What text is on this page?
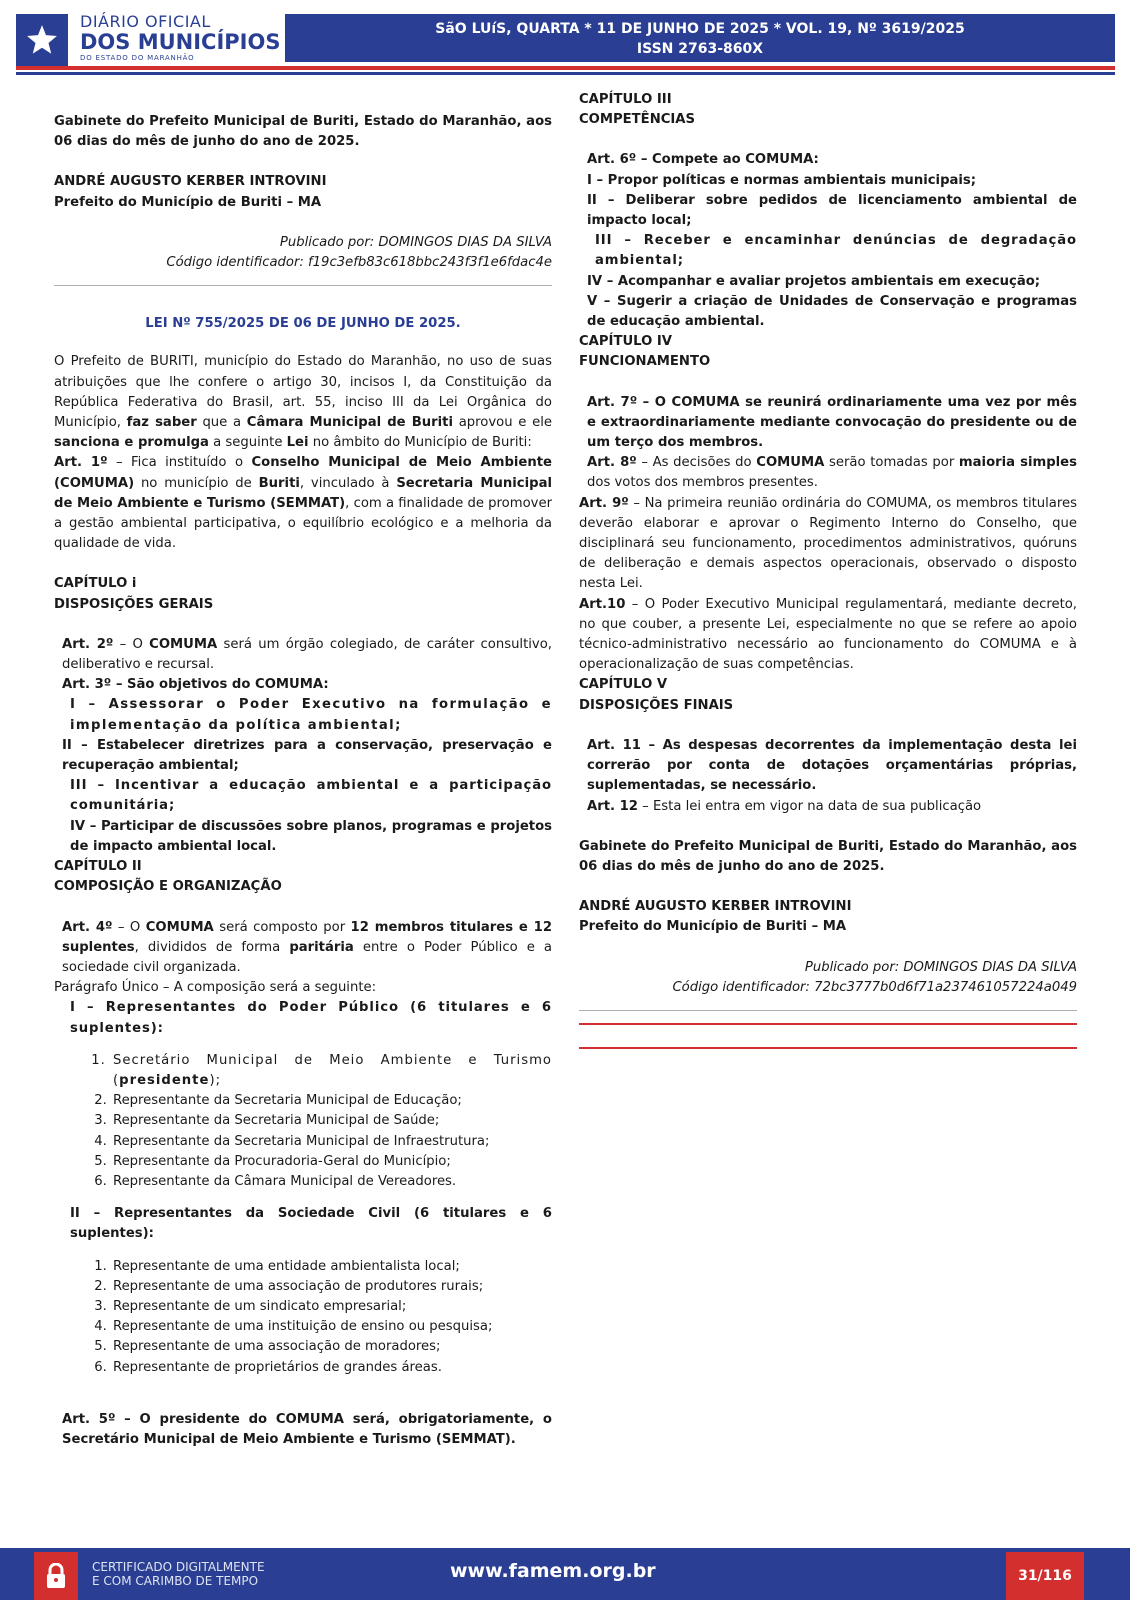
DIÁRIO OFICIAL
DOS MUNICÍPIOS
DO ESTADO DO MARANHÃO
SãO LUíS, QUARTA * 11 DE JUNHO DE 2025 * VOL. 19, Nº 3619/2025
ISSN 2763-860X

Gabinete do Prefeito Municipal de Buriti, Estado do Maranhão, aos 06 dias do mês de junho do ano de 2025.

ANDRÉ AUGUSTO KERBER INTROVINI

Prefeito do Município de Buriti – MA

Publicado por: DOMINGOS DIAS DA SILVA

Código identificador: f19c3efb83c618bbc243f3f1e6fdac4e

LEI Nº 755/2025 DE 06 DE JUNHO DE 2025.

O Prefeito de BURITI, município do Estado do Maranhão, no uso de suas atribuições que lhe confere o artigo 30, incisos I, da Constituição da República Federativa do Brasil, art. 55, inciso III da Lei Orgânica do Município, faz saber que a Câmara Municipal de Buriti aprovou e ele sanciona e promulga a seguinte Lei no âmbito do Município de Buriti:

Art. 1º – Fica instituído o Conselho Municipal de Meio Ambiente (COMUMA) no município de Buriti, vinculado à Secretaria Municipal de Meio Ambiente e Turismo (SEMMAT), com a finalidade de promover a gestão ambiental participativa, o equilíbrio ecológico e a melhoria da qualidade de vida.

CAPÍTULO i

DISPOSIÇÕES GERAIS

Art. 2º – O COMUMA será um órgão colegiado, de caráter consultivo, deliberativo e recursal.

Art. 3º – São objetivos do COMUMA:

I – Assessorar o Poder Executivo na formulação e implementação da política ambiental;

II – Estabelecer diretrizes para a conservação, preservação e recuperação ambiental;

III – Incentivar a educação ambiental e a participação comunitária;

IV – Participar de discussões sobre planos, programas e projetos de impacto ambiental local.

CAPÍTULO II

COMPOSIÇÃO E ORGANIZAÇÃO

Art. 4º – O COMUMA será composto por 12 membros titulares e 12 suplentes, divididos de forma paritária entre o Poder Público e a sociedade civil organizada.

Parágrafo Único – A composição será a seguinte:

I – Representantes do Poder Público (6 titulares e 6 suplentes):

1. Secretário Municipal de Meio Ambiente e Turismo (presidente);
2. Representante da Secretaria Municipal de Educação;
3. Representante da Secretaria Municipal de Saúde;
4. Representante da Secretaria Municipal de Infraestrutura;
5. Representante da Procuradoria-Geral do Município;
6. Representante da Câmara Municipal de Vereadores.

II – Representantes da Sociedade Civil (6 titulares e 6 suplentes):

1. Representante de uma entidade ambientalista local;
2. Representante de uma associação de produtores rurais;
3. Representante de um sindicato empresarial;
4. Representante de uma instituição de ensino ou pesquisa;
5. Representante de uma associação de moradores;
6. Representante de proprietários de grandes áreas.

Art. 5º – O presidente do COMUMA será, obrigatoriamente, o Secretário Municipal de Meio Ambiente e Turismo (SEMMAT).

CAPÍTULO III

COMPETÊNCIAS

Art. 6º – Compete ao COMUMA:

I – Propor políticas e normas ambientais municipais;

II – Deliberar sobre pedidos de licenciamento ambiental de impacto local;

III – Receber e encaminhar denúncias de degradação ambiental;

IV – Acompanhar e avaliar projetos ambientais em execução;

V – Sugerir a criação de Unidades de Conservação e programas de educação ambiental.

CAPÍTULO IV

FUNCIONAMENTO

Art. 7º – O COMUMA se reunirá ordinariamente uma vez por mês e extraordinariamente mediante convocação do presidente ou de um terço dos membros.

Art. 8º – As decisões do COMUMA serão tomadas por maioria simples dos votos dos membros presentes.

Art. 9º – Na primeira reunião ordinária do COMUMA, os membros titulares deverão elaborar e aprovar o Regimento Interno do Conselho, que disciplinará seu funcionamento, procedimentos administrativos, quóruns de deliberação e demais aspectos operacionais, observado o disposto nesta Lei.

Art.10 – O Poder Executivo Municipal regulamentará, mediante decreto, no que couber, a presente Lei, especialmente no que se refere ao apoio técnico-administrativo necessário ao funcionamento do COMUMA e à operacionalização de suas competências.

CAPÍTULO V

DISPOSIÇÕES FINAIS

Art. 11 – As despesas decorrentes da implementação desta lei correrão por conta de dotações orçamentárias próprias, suplementadas, se necessário.

Art. 12 – Esta lei entra em vigor na data de sua publicação

Gabinete do Prefeito Municipal de Buriti, Estado do Maranhão, aos 06 dias do mês de junho do ano de 2025.

ANDRÉ AUGUSTO KERBER INTROVINI

Prefeito do Município de Buriti – MA

Publicado por: DOMINGOS DIAS DA SILVA

Código identificador: 72bc3777b0d6f71a237461057224a049

CERTIFICADO DIGITALMENTE
E COM CARIMBO DE TEMPO	www.famem.org.br	31/116
